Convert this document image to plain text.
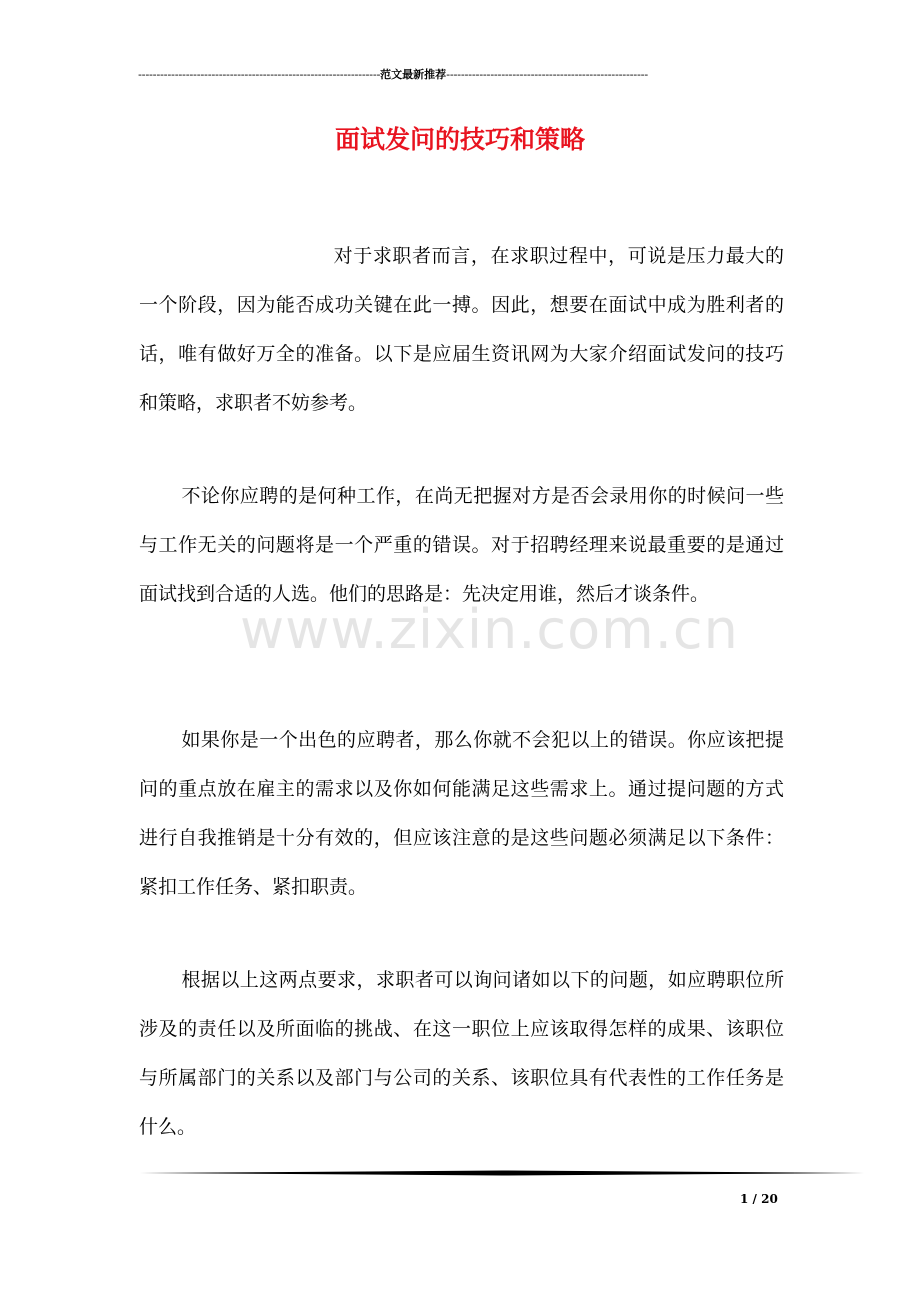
------------------------------------------------------------------范文最新推荐-------------------------------------------------------
面试发问的技巧和策略
对于求职者而言，在求职过程中，可说是压力最大的一个阶段，因为能否成功关键在此一搏。因此，想要在面试中成为胜利者的话，唯有做好万全的准备。以下是应届生资讯网为大家介绍面试发问的技巧和策略，求职者不妨参考。
不论你应聘的是何种工作，在尚无把握对方是否会录用你的时候问一些与工作无关的问题将是一个严重的错误。对于招聘经理来说最重要的是通过面试找到合适的人选。他们的思路是：先决定用谁，然后才谈条件。
如果你是一个出色的应聘者，那么你就不会犯以上的错误。你应该把提问的重点放在雇主的需求以及你如何能满足这些需求上。通过提问题的方式进行自我推销是十分有效的，但应该注意的是这些问题必须满足以下条件：紧扣工作任务、紧扣职责。
根据以上这两点要求，求职者可以询问诸如以下的问题，如应聘职位所涉及的责任以及所面临的挑战、在这一职位上应该取得怎样的成果、该职位与所属部门的关系以及部门与公司的关系、该职位具有代表性的工作任务是什么。
www.zixin.com.cn
1 / 20
